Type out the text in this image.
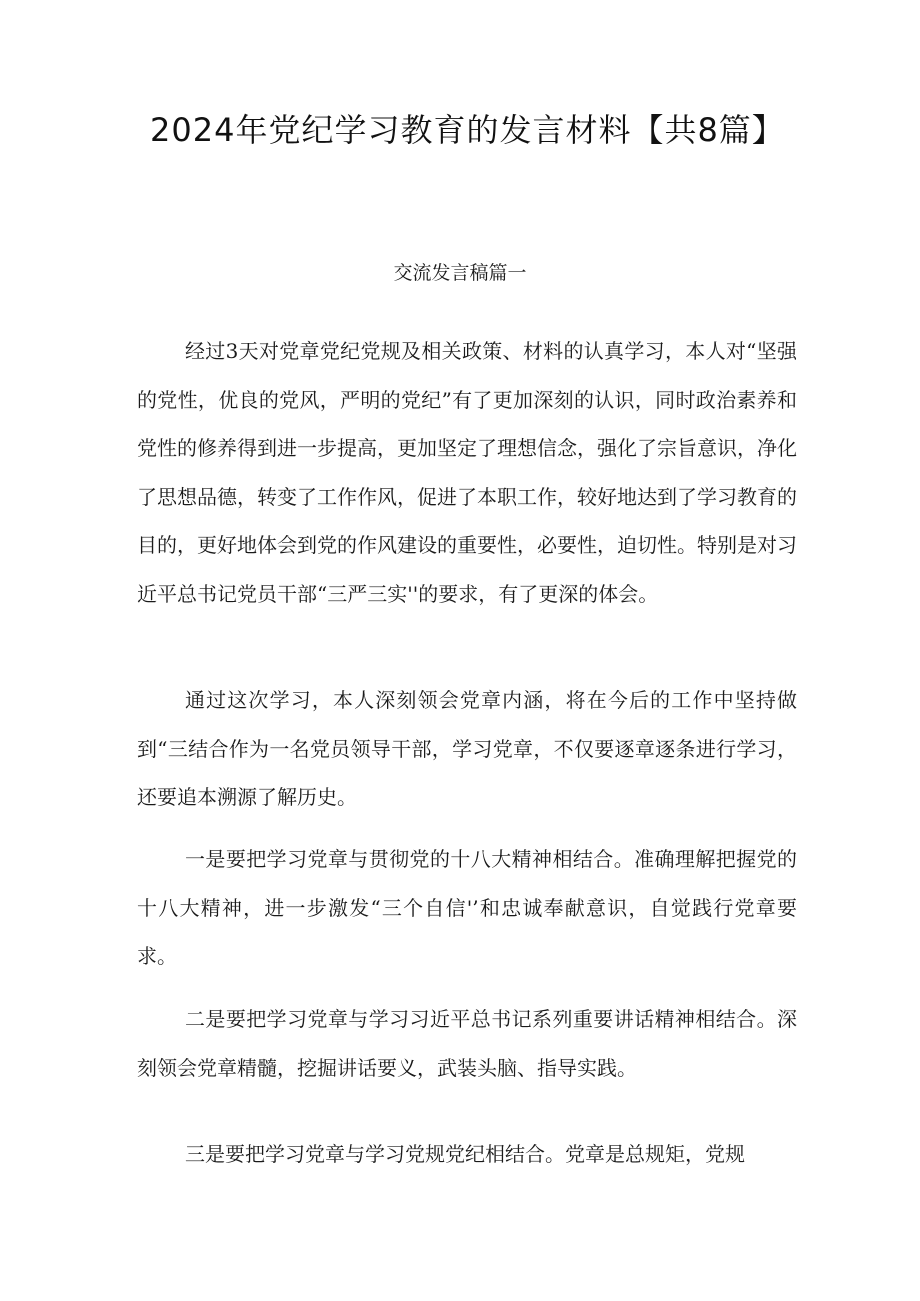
2024年党纪学习教育的发言材料【共8篇】
交流发言稿篇一

经过3天对党章党纪党规及相关政策、材料的认真学习，本人对“坚强的党性，优良的党风，严明的党纪”有了更加深刻的认识，同时政治素养和党性的修养得到进一步提高，更加坚定了理想信念，强化了宗旨意识，净化了思想品德，转变了工作作风，促进了本职工作，较好地达到了学习教育的目的，更好地体会到党的作风建设的重要性，必要性，迫切性。特别是对习近平总书记党员干部“三严三实''的要求，有了更深的体会。

通过这次学习，本人深刻领会党章内涵，将在今后的工作中坚持做到“三结合作为一名党员领导干部，学习党章，不仅要逐章逐条进行学习，还要追本溯源了解历史。

一是要把学习党章与贯彻党的十八大精神相结合。准确理解把握党的十八大精神，进一步激发“三个自信'’和忠诚奉献意识，自觉践行党章要求。

二是要把学习党章与学习习近平总书记系列重要讲话精神相结合。深刻领会党章精髓，挖掘讲话要义，武装头脑、指导实践。

三是要把学习党章与学习党规党纪相结合。党章是总规矩，党规
